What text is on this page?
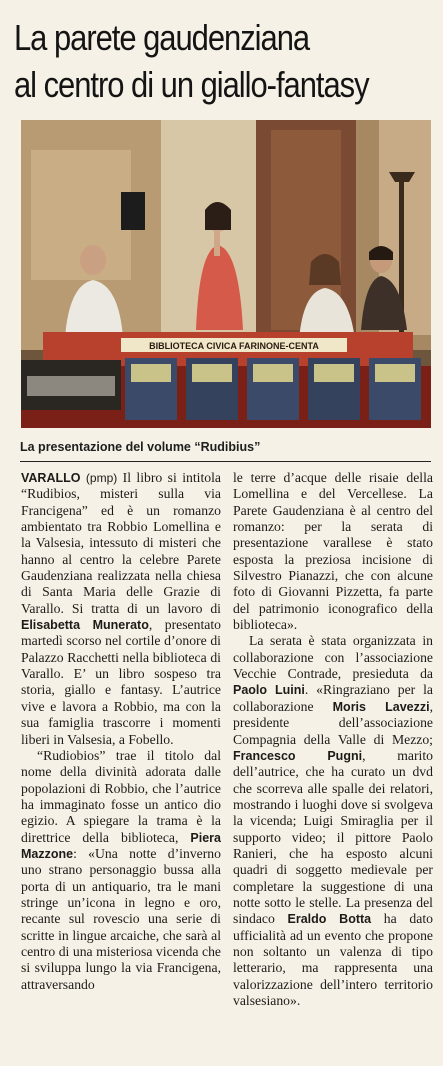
La parete gaudenziana
al centro di un giallo-fantasy
BIBLIOTECA CIVICA FARINONE-CENTA
La presentazione del volume “Rudibius”

VARALLO (pmp) Il libro si intitola “Rudibios, misteri sulla via Francigena” ed è un romanzo ambientato tra Robbio Lomellina e la Valsesia, intessuto di misteri che hanno al centro la celebre Parete Gaudenziana realizzata nella chiesa di Santa Maria delle Grazie di Varallo. Si tratta di un lavoro di Elisabetta Munerato, presentato martedì scorso nel cortile d’onore di Palazzo Racchetti nella biblioteca di Varallo. E’ un libro sospeso tra storia, giallo e fantasy. L’autrice vive e lavora a Robbio, ma con la sua famiglia trascorre i momenti liberi in Valsesia, a Fobello.

“Rudiobios” trae il titolo dal nome della divinità adorata dalle popolazioni di Robbio, che l’autrice ha immaginato fosse un antico dio egizio. A spiegare la trama è la direttrice della biblioteca, Piera Mazzone: «Una notte d’inverno uno strano personaggio bussa alla porta di un antiquario, tra le mani stringe un’icona in legno e oro, recante sul rovescio una serie di scritte in lingue arcaiche, che sarà al centro di una misteriosa vicenda che si sviluppa lungo la via Francigena, attraversando

le terre d’acque delle risaie della Lomellina e del Vercellese. La Parete Gaudenziana è al centro del romanzo: per la serata di presentazione varallese è stato esposta la preziosa incisione di Silvestro Pianazzi, che con alcune foto di Giovanni Pizzetta, fa parte del patrimonio iconografico della biblioteca».

La serata è stata organizzata in collaborazione con l’associazione Vecchie Contrade, presieduta da Paolo Luini. «Ringraziano per la collaborazione Moris Lavezzi, presidente dell’associazione Compagnia della Valle di Mezzo; Francesco Pugni, marito dell’autrice, che ha curato un dvd che scorreva alle spalle dei relatori, mostrando i luoghi dove si svolgeva la vicenda; Luigi Smiraglia per il supporto video; il pittore Paolo Ranieri, che ha esposto alcuni quadri di soggetto medievale per completare la suggestione di una notte sotto le stelle. La presenza del sindaco Eraldo Botta ha dato ufficialità ad un evento che propone non soltanto un valenza di tipo letterario, ma rappresenta una valorizzazione dell’intero territorio valsesiano».
